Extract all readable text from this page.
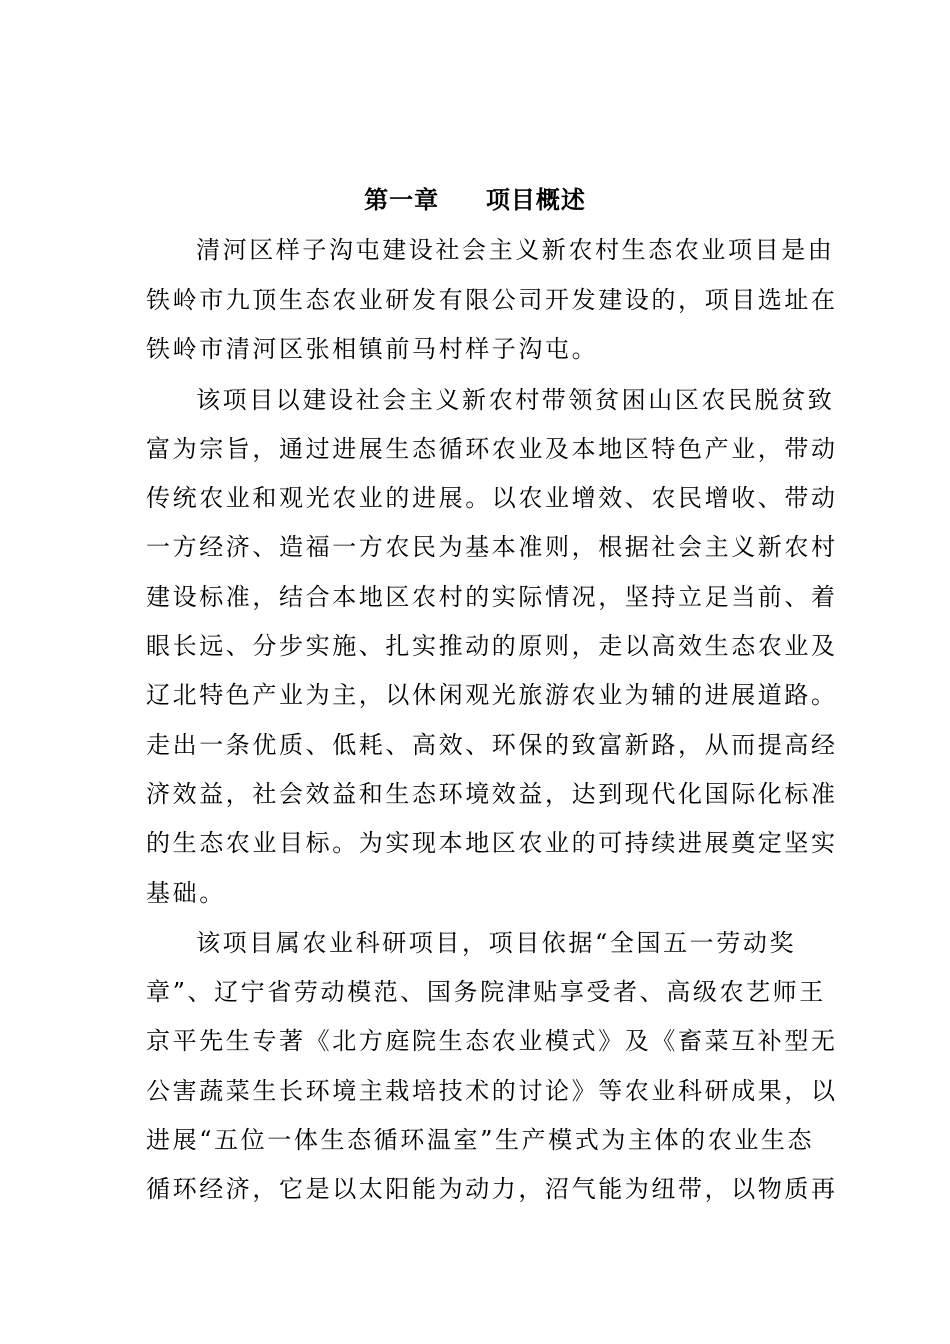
第一章     项目概述
清河区样子沟屯建设社会主义新农村生态农业项目是由
铁岭市九顶生态农业研发有限公司开发建设的，项目选址在
铁岭市清河区张相镇前马村样子沟屯。
该项目以建设社会主义新农村带领贫困山区农民脱贫致
富为宗旨，通过进展生态循环农业及本地区特色产业，带动
传统农业和观光农业的进展。以农业增效、农民增收、带动
一方经济、造福一方农民为基本准则，根据社会主义新农村
建设标准，结合本地区农村的实际情况，坚持立足当前、着
眼长远、分步实施、扎实推动的原则，走以高效生态农业及
辽北特色产业为主，以休闲观光旅游农业为辅的进展道路。
走出一条优质、低耗、高效、环保的致富新路，从而提高经
济效益，社会效益和生态环境效益，达到现代化国际化标准
的生态农业目标。为实现本地区农业的可持续进展奠定坚实
基础。
该项目属农业科研项目，项目依据“全国五一劳动奖
章”、辽宁省劳动模范、国务院津贴享受者、高级农艺师王
京平先生专著《北方庭院生态农业模式》及《畜菜互补型无
公害蔬菜生长环境主栽培技术的讨论》等农业科研成果，以
进展“五位一体生态循环温室”生产模式为主体的农业生态
循环经济，它是以太阳能为动力，沼气能为纽带，以物质再
